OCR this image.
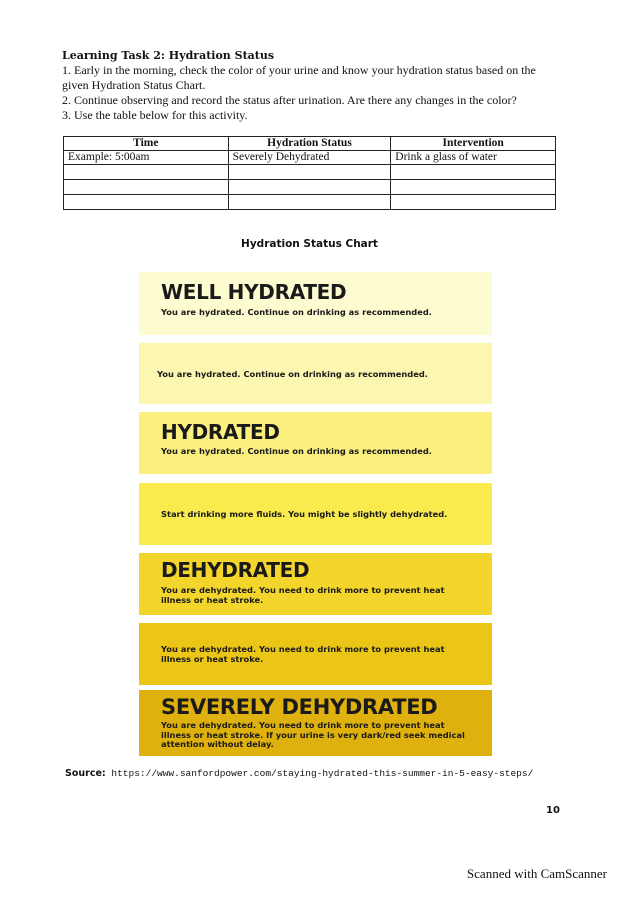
Learning Task 2: Hydration Status

1. Early in the morning, check the color of your urine and know your hydration status based on the given Hydration Status Chart.

2. Continue observing and record the status after urination. Are there any changes in the color?

3. Use the table below for this activity.

Time	Hydration Status	Intervention
Example: 5:00am	Severely Dehydrated	Drink a glass of water

Hydration Status Chart
WELL HYDRATED
You are hydrated. Continue on drinking as recommended.
You are hydrated. Continue on drinking as recommended.
HYDRATED
You are hydrated. Continue on drinking as recommended.
Start drinking more fluids. You might be slightly dehydrated.
DEHYDRATED
You are dehydrated. You need to drink more to prevent heat illness or heat stroke.
You are dehydrated. You need to drink more to prevent heat illness or heat stroke.
SEVERELY DEHYDRATED
You are dehydrated. You need to drink more to prevent heat illness or heat stroke. If your urine is very dark/red seek medical attention without delay.
Source: https://www.sanfordpower.com/staying-hydrated-this-summer-in-5-easy-steps/
10
Scanned with CamScanner
